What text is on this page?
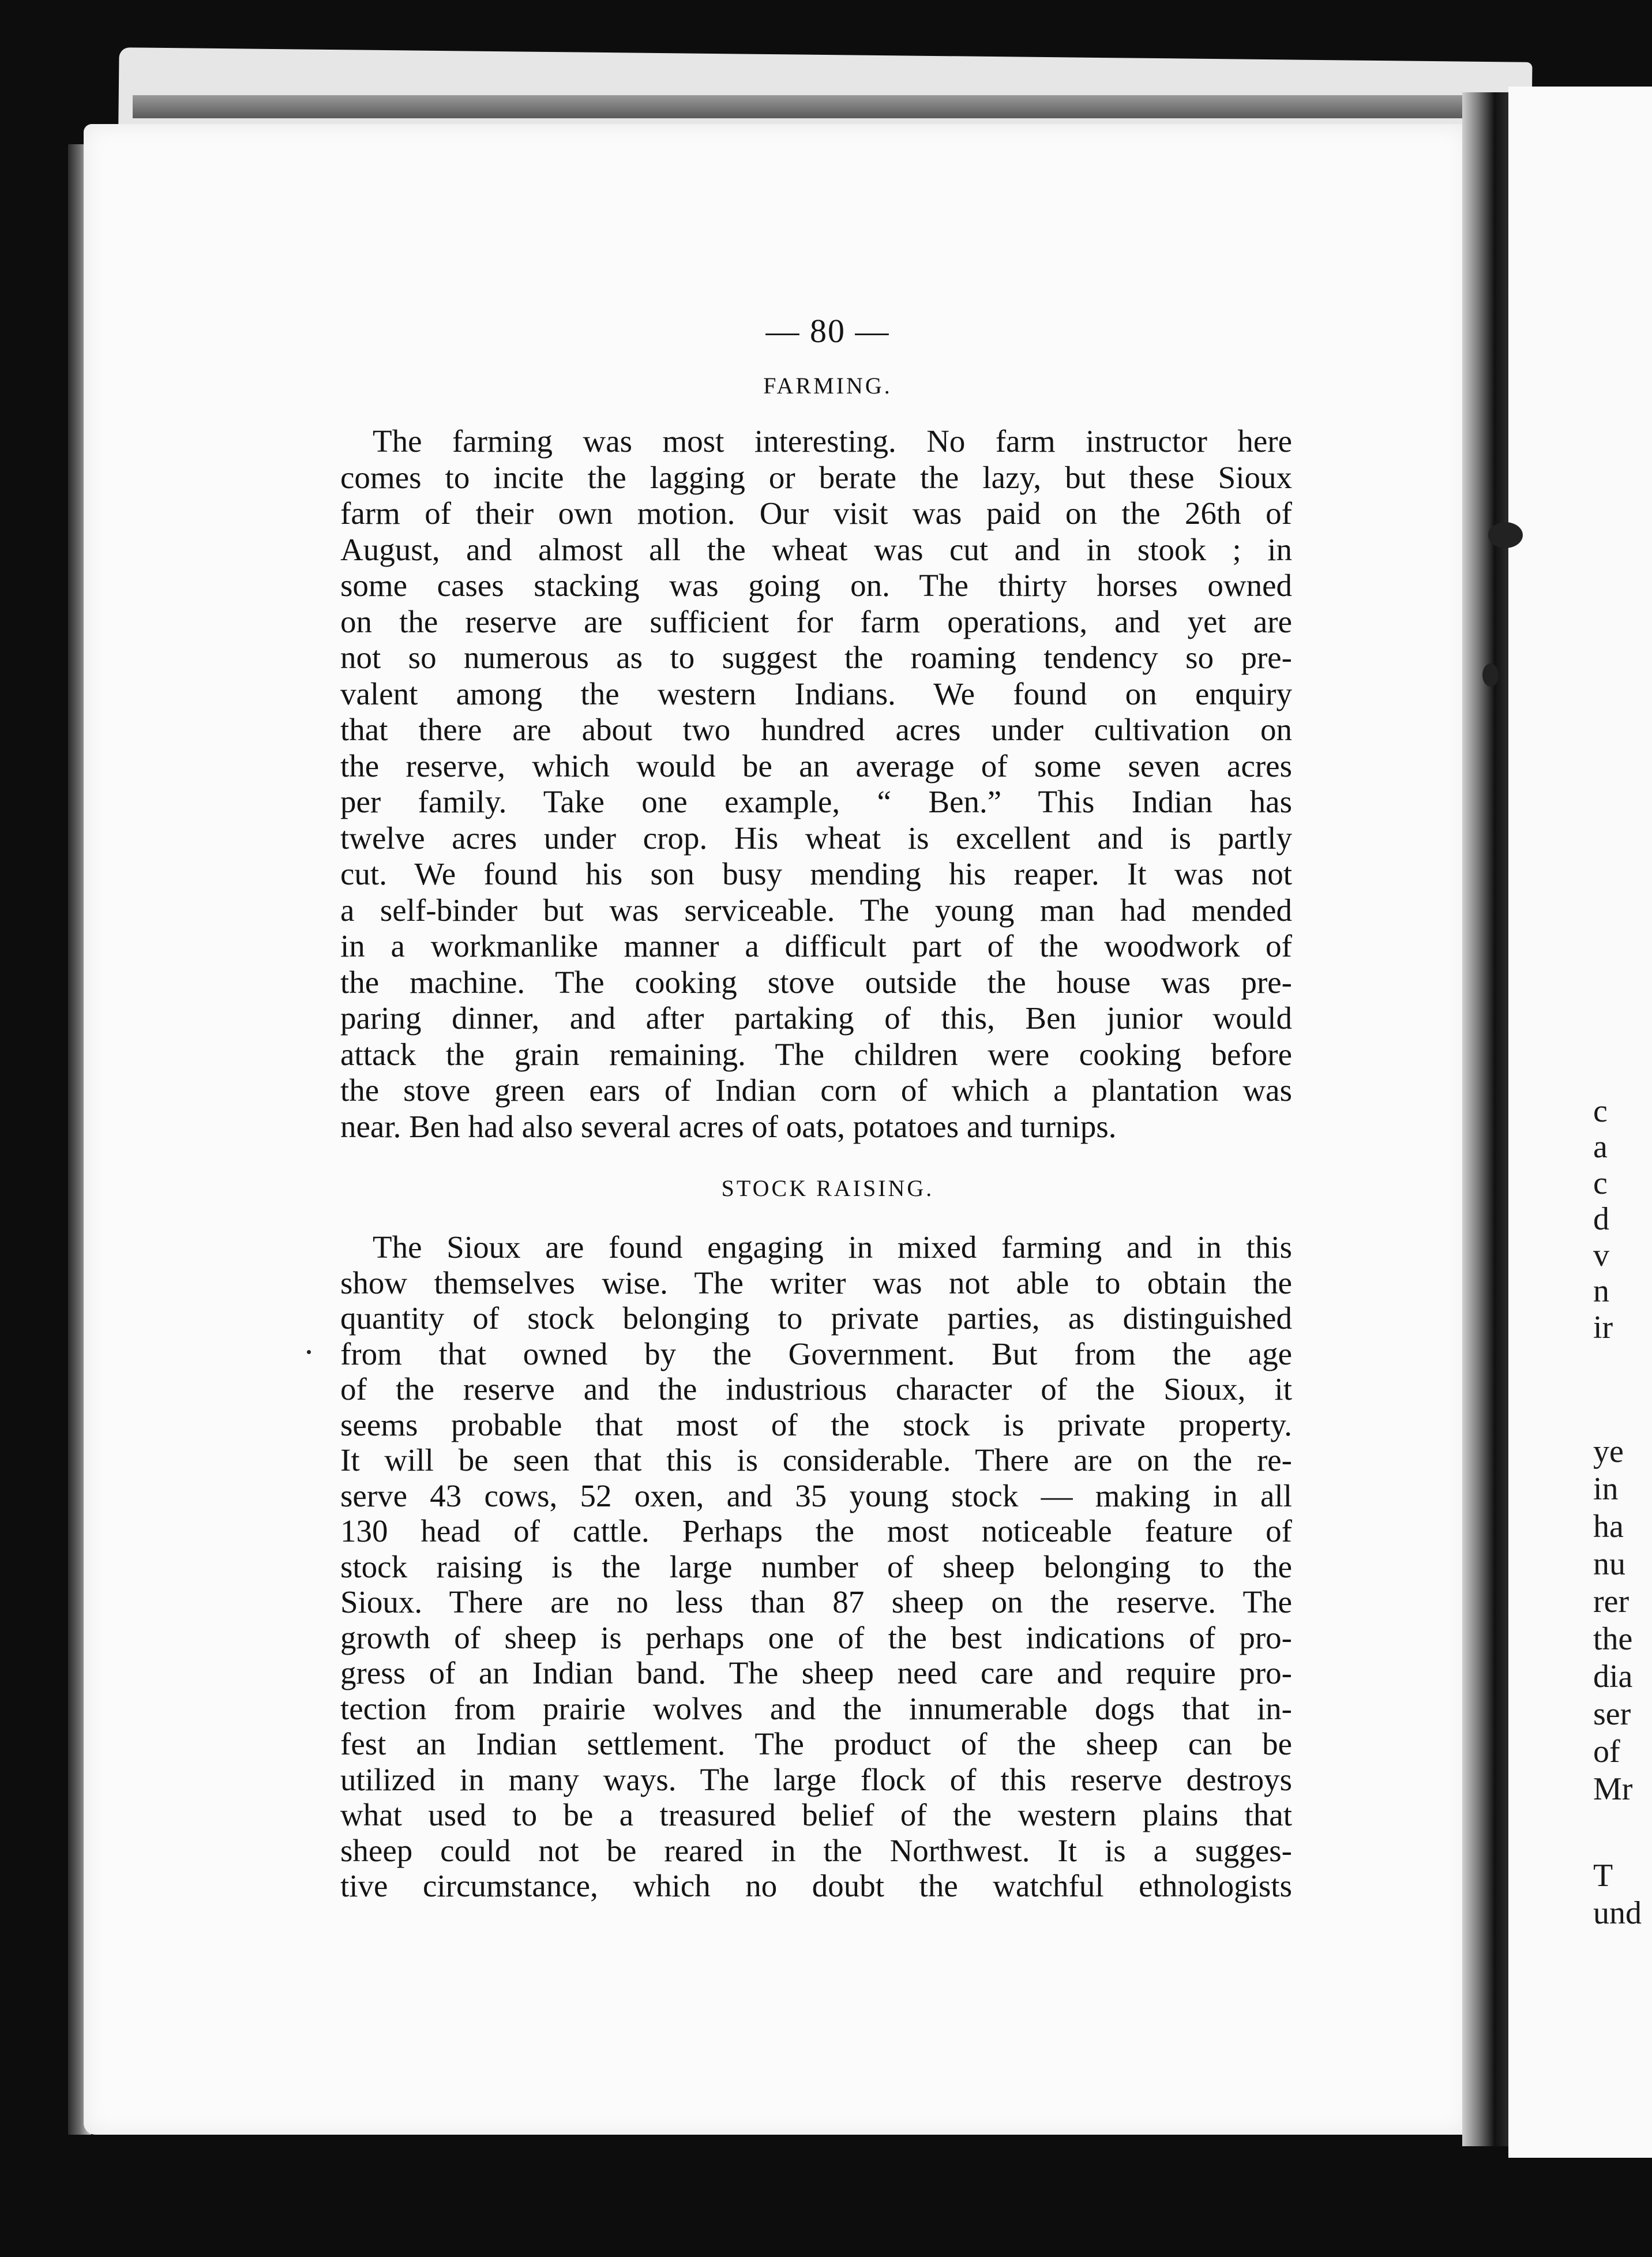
c
a
c
d
v
n
ir
ye
in
ha
nu
rer
the
dia
ser
of
Mr
T
und
— 80 —
FARMING.
The farming was most interesting. No farm instructor here
comes to incite the lagging or berate the lazy, but these Sioux
farm of their own motion. Our visit was paid on the 26th of
August, and almost all the wheat was cut and in stook ; in
some cases stacking was going on. The thirty horses owned
on the reserve are sufficient for farm operations, and yet are
not so numerous as to suggest the roaming tendency so pre-
valent among the western Indians. We found on enquiry
that there are about two hundred acres under cultivation on
the reserve, which would be an average of some seven acres
per family. Take one example, “ Ben.” This Indian has
twelve acres under crop. His wheat is excellent and is partly
cut. We found his son busy mending his reaper. It was not
a self-binder but was serviceable. The young man had mended
in a workmanlike manner a difficult part of the woodwork of
the machine. The cooking stove outside the house was pre-
paring dinner, and after partaking of this, Ben junior would
attack the grain remaining. The children were cooking before
the stove green ears of Indian corn of which a plantation was
near. Ben had also several acres of oats, potatoes and turnips.
STOCK RAISING.
The Sioux are found engaging in mixed farming and in this
show themselves wise. The writer was not able to obtain the
quantity of stock belonging to private parties, as distinguished
from that owned by the Government. But from the age
of the reserve and the industrious character of the Sioux, it
seems probable that most of the stock is private property.
It will be seen that this is considerable. There are on the re-
serve 43 cows, 52 oxen, and 35 young stock — making in all
130 head of cattle. Perhaps the most noticeable feature of
stock raising is the large number of sheep belonging to the
Sioux. There are no less than 87 sheep on the reserve. The
growth of sheep is perhaps one of the best indications of pro-
gress of an Indian band. The sheep need care and require pro-
tection from prairie wolves and the innumerable dogs that in-
fest an Indian settlement. The product of the sheep can be
utilized in many ways. The large flock of this reserve destroys
what used to be a treasured belief of the western plains that
sheep could not be reared in the Northwest. It is a sugges-
tive circumstance, which no doubt the watchful ethnologists
